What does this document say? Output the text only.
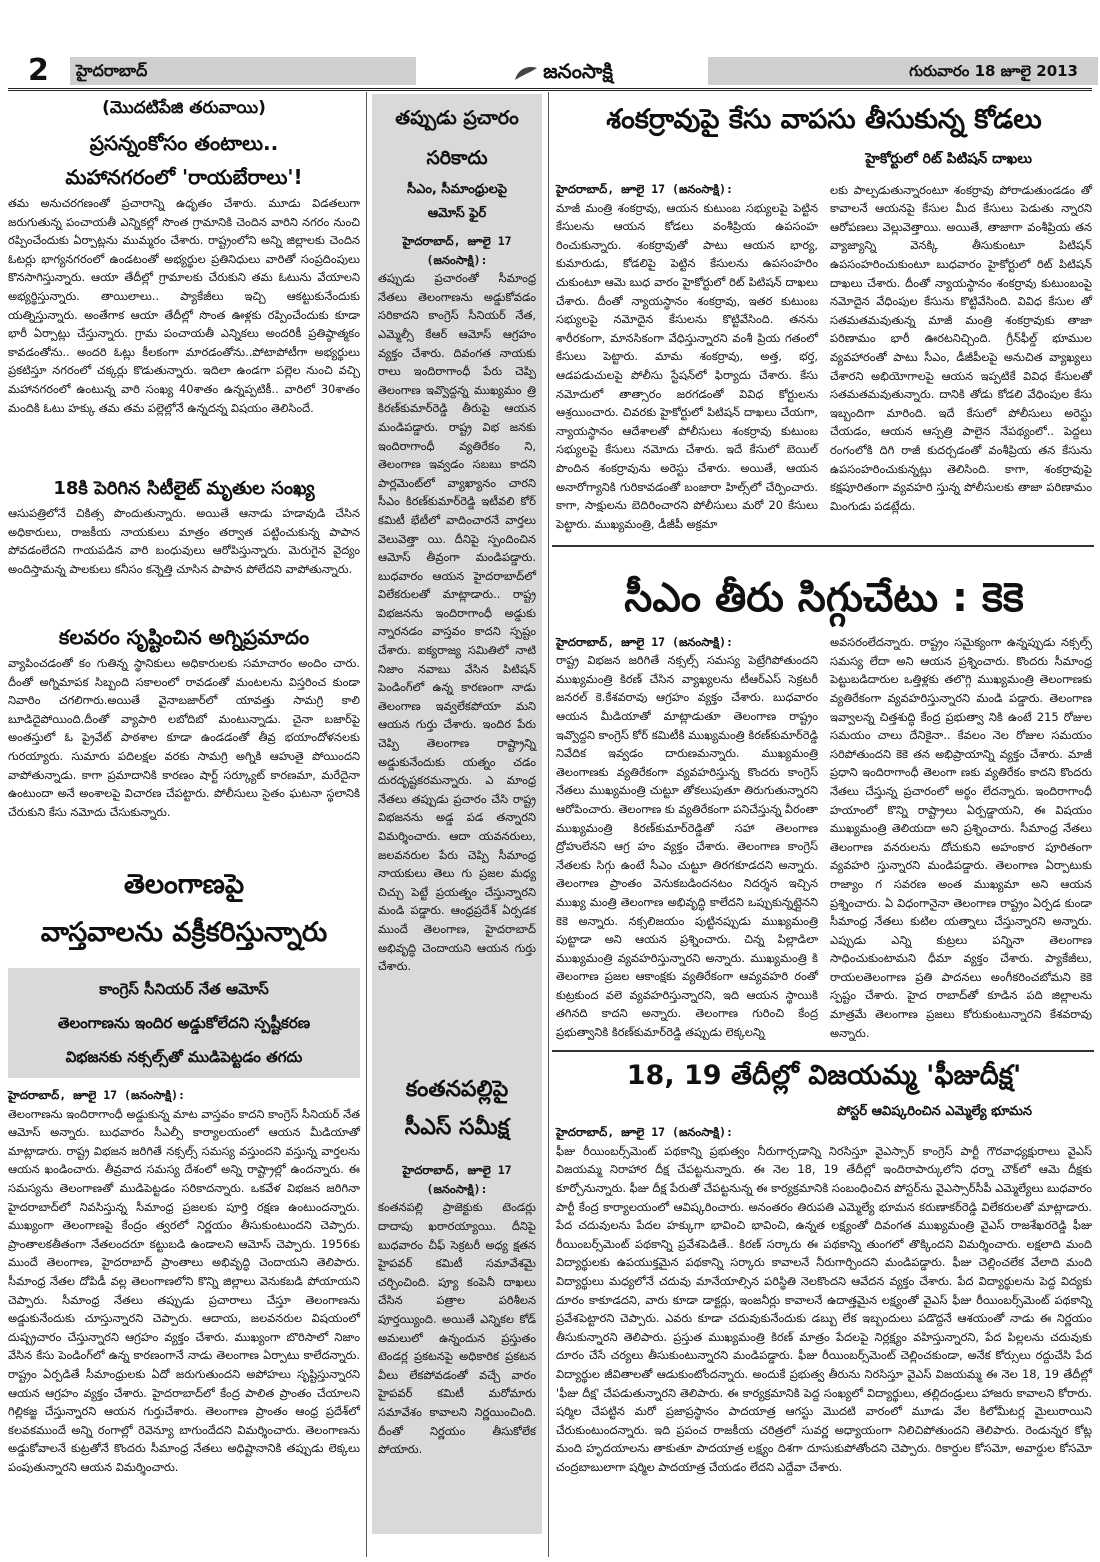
2	హైదరాబాద్	జనంసాక్షి	గురువారం 18 జూలై 2013
(మొదటిపేజి తరువాయి)
ప్రసన్నంకోసం తంటాలు..
మహానగరంలో 'రాయబేరాలు'!

తమ అనుచరగణంతో ప్రచారాన్ని ఉధృతం చేశారు. మూడు విడతలుగా జరుగుతున్న పంచాయతీ ఎన్నికల్లో సొంత గ్రామానికి చెందిన వారిని నగరం నుంచి రప్పించేందుకు ఏర్పాట్లను ముమ్మరం చేశారు. రాష్ట్రంలోని అన్ని జిల్లాలకు చెందిన ఓటర్లు భాగ్యనగరంలో ఉండటంతో అభ్యర్థుల ప్రతినిధులు వారితో సంప్రదింపులు కొనసాగిస్తున్నారు. ఆయా తేదీల్లో గ్రామాలకు చేరుకుని తమ ఓటును వేయాలని అభ్యర్థిస్తున్నారు. తాయిలాలు.. ప్యాకేజీలు ఇచ్చి ఆకట్టుకునేందుకు యత్నిస్తున్నారు. అంతేగాక ఆయా తేదీల్లో సొంత ఊళ్లకు రప్పించేందుకు కూడా భారీ ఏర్పాట్లు చేస్తున్నారు. గ్రామ పంచాయతీ ఎన్నికలు అందరికీ ప్రతిష్ఠాత్మకం కావడంతోను.. అందరి ఓట్లు కీలకంగా మారడంతోను..పోటాపోటీగా అభ్యర్థులు ప్రకటిస్తూ నగరంలో చక్కర్లు కొడుతున్నారు. ఇదిలా ఉండగా పల్లెల నుంచి వచ్చి మహానగరంలో ఉంటున్న వారి సంఖ్య 40శాతం ఉన్నప్పటికీ.. వారిలో 30శాతం మందికి ఓటు హక్కు తమ తమ పల్లెల్లోనే ఉన్నదన్న విషయం తెలిసిందే.

18కి పెరిగిన సిటీలైట్ మృతుల సంఖ్య

ఆసుపత్రిలోనే చికిత్స పొందుతున్నారు. అయితే ఆనాడు హడావుడి చేసిన అధికారులు, రాజకీయ నాయకులు మాత్రం తర్వాత పట్టించుకున్న పాపాన పోవడంలేదని గాయపడిన వారి బంధువులు ఆరోపిస్తున్నారు. మెరుగైన వైద్యం అందిస్తామన్న పాలకులు కనీసం కన్నెత్తి చూసిన పాపాన పోలేదని వాపోతున్నారు.

కలవరం సృష్టించిన అగ్నిప్రమాదం

వ్యాపించడంతో కం గుతిన్న స్థానికులు అధికారులకు సమాచారం అందిం చారు. దీంతో అగ్నిమాపక సిబ్బంది సకాలంలో రావడంతో మంటలను విస్తరించ కుండా నివారిం చగలిగారు.అయితే వైనాబజార్‌లో యావత్తు సామగ్రి కాలి బూడిదైపోయింది.దీంతో వ్యాపారి లబోదిబో మంటున్నాడు. చైనా బజార్‌పై అంతస్తులో ఓ ప్రైవేట్ పాఠశాల కూడా ఉండడంతో తీవ్ర భయాందోళనలకు గురయ్యారు. సుమారు పదిలక్షల వరకు సామగ్రి అగ్నికి ఆహుతై పోయిందని వాపోతున్నాడు. కాగా ప్రమాదానికి కారణం షార్ట్ సర్క్యూట్ కారణమా, మరేదైనా ఉంటుందా అనే అంశాలపై విచారణ చేపట్టారు. పోలీసులు సైతం ఘటనా స్థలానికి చేరుకుని కేసు నమోదు చేసుకున్నారు.

తెలంగాణపై
వాస్తవాలను వక్రీకరిస్తున్నారు
కాంగ్రెస్ సీనియర్ నేత ఆమోస్
తెలంగాణను ఇందిర అడ్డుకోలేదని స్పష్టీకరణ
విభజనకు నక్సల్స్‌తో ముడిపెట్టడం తగదు

హైదరాబాద్, జూలై 17 (జనంసాక్షి):

తెలంగాణను ఇందిరాగాంధీ అడ్డుకున్న మాట వాస్తవం కాదని కాంగ్రెస్ సీనియర్ నేత ఆమోస్ అన్నారు. బుధవారం సీఎల్పీ కార్యాలయంలో ఆయన మీడియాతో మాట్లాడారు. రాష్ట్ర విభజన జరిగితే నక్సల్స్ సమస్య వస్తుందని వస్తున్న వార్తలను ఆయన ఖండించారు. తీవ్రవాద సమస్య దేశంలో అన్ని రాష్ట్రాల్లో ఉందన్నారు. ఈ సమస్యను తెలంగాణతో ముడిపెట్టడం సరికాదన్నారు. ఒకవేళ విభజన జరిగినా హైదరాబాద్‌లో నివసిస్తున్న సీమాంధ్ర ప్రజలకు పూర్తి రక్షణ ఉంటుందన్నారు. ముఖ్యంగా తెలంగాణపై కేంద్రం త్వరలో నిర్ణయం తీసుకుంటుందని చెప్పారు. ప్రాంతాలకతీతంగా నేతలందరూ కట్టుబడి ఉండాలని ఆమోస్ చెప్పారు. 1956కు ముందే తెలంగాణ, హైదరాబాద్ ప్రాంతాలు అభివృద్ధి చెందాయని తెలిపారు. సీమాంధ్ర నేతల దోపిడీ వల్ల తెలంగాణలోని కొన్ని జిల్లాలు వెనుకబడి పోయాయని చెప్పారు. సీమాంధ్ర నేతలు తప్పుడు ప్రచారాలు చేస్తూ తెలంగాణను అడ్డుకునేందుకు చూస్తున్నారని చెప్పారు. ఆదాయ, జలవనరుల విషయంలో దుష్ప్రచారం చేస్తున్నారని ఆగ్రహం వ్యక్తం చేశారు. ముఖ్యంగా బొరిసాలో నిజాం వేసిన కేసు పెండింగ్‌లో ఉన్న కారణంగానే నాడు తెలంగాణ ఏర్పాటు కాలేదన్నారు. రాష్ట్రం ఏర్పడితే సీమాంధ్రులకు ఏదో జరుగుతుందని అపోహలు సృష్టిస్తున్నారని ఆయన ఆగ్రహం వ్యక్తం చేశారు. హైదరాబాద్‌లో కేంద్ర పాలిత ప్రాంతం చేయాలని గిల్లికజ్జ చేస్తున్నారని ఆయన గుర్తుచేశారు. తెలంగాణ ప్రాంతం ఆంధ్ర ప్రదేశ్‌లో కలవకముందే అన్ని రంగాల్లో రెవెన్యూ బాగుందేదని విమర్శించారు. తెలంగాణను అడ్డుకోవాలనే కుట్రతోనే కొందరు సీమాంధ్ర నేతలు అధిష్టానానికి తప్పుడు లెక్కలు పంపుతున్నారని ఆయన విమర్శించారు.

తప్పుడు ప్రచారం
సరికాదు
సీఎం, సీమాంధ్రులపై
ఆమోస్ ఫైర్

హైదరాబాద్, జూలై 17

(జనంసాక్షి):

తప్పుడు ప్రచారంతో సీమాంధ్ర నేతలు తెలంగాణను అడ్డుకోవడం సరికాదని కాంగ్రెస్ సీనియర్ నేత, ఎమ్మెల్సీ కేఆర్ ఆమోస్ ఆగ్రహం వ్యక్తం చేశారు. దివంగత నాయకు రాలు ఇందిరాగాంధీ పేరు చెప్పి తెలంగాణ ఇవ్వొద్దన్న ముఖ్యమం త్రి కిరణ్‌కుమార్‌రెడ్డి తీరుపై ఆయన మండిపడ్డారు. రాష్ట్ర విభ జనకు ఇందిరాగాంధీ వ్యతిరేకం ని, తెలంగాణ ఇవ్వడం సబబు కాదని పార్లమెంట్‌లో వ్యాఖ్యానం చారని సీఎం కిరణ్‌కుమార్‌రెడ్డి ఇటీవలి కోర్ కమిటీ భేటీలో వాదించారనే వార్తలు వెలువెత్తా యి. దీనిపై స్పందించిన ఆమోస్ తీవ్రంగా మండిపడ్డారు. బుధవారం ఆయన హైదరాబాద్‌లో విలేకరులతో మాట్లాడారు.. రాష్ట్ర విభజనను ఇందిరాగాంధీ అడ్డుకు న్నారనడం వాస్తవం కాదని స్పష్టం చేశారు. ఐక్యరాజ్య సమితిలో నాటి నిజాం నవాబు వేసిన పిటిషన్ పెండింగ్‌లో ఉన్న కారణంగా నాడు తెలంగాణ ఇవ్వలేకపోయా మని ఆయన గుర్తు చేశారు. ఇందిర పేరు చెప్పి తెలంగాణ రాష్ట్రాన్ని అడ్డుకునేందుకు యత్నం చడం దురదృష్టకరమన్నారు. ఎ మాంధ్ర నేతలు తప్పుడు ప్రచారం చేసి రాష్ట్ర విభజనను అడ్డ పడ తన్నారని విమర్శించారు. ఆదా యవనరులు, జలవనరుల పేరు చెప్పి సీమాంధ్ర నాయకులు తెలు గు ప్రజల మధ్య చిచ్చు పెట్టే ప్రయత్నం చేస్తున్నారని మండి పడ్డారు. ఆంధ్రప్రదేశ్ ఏర్పడక ముందే తెలంగాణ, హైదరాబాద్ అభివృద్ధి చెందాయని ఆయన గుర్తు చేశారు.

కంతనపల్లిపై
సీఎస్ సమీక్ష

హైదరాబాద్, జూలై 17

(జనంసాక్షి):

కంతనపల్లి ప్రాజెక్టుకు టెండర్లు దాదాపు ఖరారయ్యాయి. దీనిపై బుధవారం చీఫ్ సెక్రటరీ అధ్య క్షతన హైపవర్ కమిటీ సమావేశమై చర్చించింది. ప్యూ కంపెనీ దాఖలు చేసిన పత్రాల పరిశీలన పూర్తయ్యింది. అయితే ఎన్నికల కోడ్ అమలులో ఉన్నందున ప్రస్తుతం టెండర్ల ప్రకటనపై అధికారిక ప్రకటన వీలు లేకపోవడంతో వచ్చే వారం హైపవర్ కమిటీ మరోమారు సమావేశం కావాలని నిర్ణయించింది. దీంతో నిర్ణయం తీసుకోలేక పోయారు.

శంకర్రావుపై కేసు వాపసు తీసుకున్న కోడలు
హైకోర్టులో రిట్ పిటిషన్ దాఖలు

హైదరాబాద్, జూలై 17 (జనంసాక్షి):

మాజీ మంత్రి శంకర్రావు, ఆయన కుటుంబ సభ్యులపై పెట్టిన కేసులను ఆయన కోడలు వంశీప్రియ ఉపసంహ రించుకున్నారు. శంకర్రావుతో పాటు ఆయన భార్య, కుమారుడు, కోడలిపై పెట్టిన కేసులను ఉపసంహరిం చుకుంటూ ఆమె బుధ వారం హైకోర్టులో రిట్ పిటిషన్ దాఖలు చేశారు. దీంతో న్యాయస్థానం శంకర్రావు, ఇతర కుటుంబ సభ్యులపై నమోదైన కేసులను కొట్టివేసింది. తనను శారీరకంగా, మానసికంగా వేధిస్తున్నారని వంశీ ప్రియ గతంలో కేసులు పెట్టారు. మామ శంకర్రావు, అత్త, భర్త, ఆడపడుచులపై పోలీసు స్టేషన్‌లో ఫిర్యాదు చేశారు. కేసు నమోదులో తాత్సారం జరగడంతో వివిధ కోర్టులను ఆశ్రయించారు. చివరకు హైకోర్టులో పిటిషన్ దాఖలు చేయగా, న్యాయస్థానం ఆదేశాలతో పోలీసులు శంకర్రావు కుటుంబ సభ్యులపై కేసులు నమోదు చేశారు. ఇదే కేసులో బెయిల్‌ పొందిన శంకర్రావును అరెస్టు చేశారు. అయితే, ఆయన అనారోగ్యానికి గురికావడంతో బంజారా హిల్స్‌లో చేర్పించారు. కాగా, సాక్షులను బెదిరించారని పోలీసులు మరో 20 కేసులు పెట్టారు. ముఖ్యమంత్రి, డీజీపీ అక్రమా

లకు పాల్పడుతున్నారంటూ శంకర్రావు పోరాడుతుండడం తో కావాలనే ఆయనపై కేసుల మీద కేసులు పెడుతు న్నారని ఆరోపణలు వెల్లువెత్తాయి. అయితే, తాజాగా వంశీప్రియ తన వ్యాజ్యాన్ని వెనక్కి తీసుకుంటూ పిటిషన్ ఉపసంహరించుకుంటూ బుధవారం హైకోర్టులో రిట్ పిటిషన్ దాఖలు చేశారు. దీంతో న్యాయస్థానం శంకర్రావు కుటుంబంపై నమోదైన వేధింపుల కేసును కొట్టివేసింది. వివిధ కేసుల తో సతమతమవుతున్న మాజీ మంత్రి శంకర్రావుకు తాజా పరిణామం భారీ ఊరటనిచ్చింది. గ్రీన్‌ఫీల్డ్ భూముల వ్యవహారంతో పాటు సీఎం, డీజీపీలపై అనుచిత వ్యాఖ్యలు చేశారని అభియోగాలపై ఆయన ఇప్పటికే వివిధ కేసులతో సతమతమవుతున్నారు. దానికి తోడు కోడలి వేధింపుల కేసు ఇబ్బందిగా మారింది. ఇదే కేసులో పోలీసులు అరెస్టు చేయడం, ఆయన ఆస్పత్రి పాలైన నేపథ్యంలో.. పెద్దలు రంగంలోకి దిగి రాజీ కుదర్చడంతో వంశీప్రియ తన కేసును ఉపసంహరించుకున్నట్లు తెలిసింది. కాగా, శంకర్రావుపై కక్షపూరితంగా వ్యవహరి స్తున్న పోలీసులకు తాజా పరిణామం మింగుడు పడట్లేదు.

సీఎం తీరు సిగ్గుచేటు : కెకె

హైదరాబాద్, జూలై 17 (జనంసాక్షి):

రాష్ట్ర విభజన జరిగితే నక్సల్స్ సమస్య పెట్రేగిపోతుందని ముఖ్యమంత్రి కిరణ్ చేసిన వ్యాఖ్యలను టీఆర్ఎస్ సెక్రటరీ జనరల్ కె.కేశవరావు ఆగ్రహం వ్యక్తం చేశారు. బుధవారం ఆయన మీడియాతో మాట్లాడుతూ తెలంగాణ రాష్ట్రం ఇవ్వొద్దని కాంగ్రెస్ కోర్ కమిటీకి ముఖ్యమంత్రి కిరణ్‌కుమార్‌రెడ్డి నివేదిక ఇవ్వడం దారుణమన్నారు. ముఖ్యమంత్రి తెలంగాణకు వ్యతిరేకంగా వ్యవహరిస్తున్న కొందరు కాంగ్రెస్ నేతలు ముఖ్యమంత్రి చుట్టూ తోకలుపుతూ తిరుగుతున్నారని ఆరోపించారు. తెలంగాణ కు వ్యతిరేకంగా పనిచేస్తున్న వీరంతా ముఖ్యమంత్రి కిరణ్‌కుమార్‌రెడ్డితో సహా తెలంగాణ ద్రోహులేనని ఆగ్ర హం వ్యక్తం చేశారు. తెలంగాణ కాంగ్రెస్ నేతలకు సిగ్గు ఉంటే సీఎం చుట్టూ తిరగకూడదని అన్నారు. తెలంగాణ ప్రాంతం వెనుకబడిందనటం నిదర్శన ఇచ్చిన ముఖ్య మంత్రి తెలంగాణ అభివృద్ధి కాలేదని ఒప్పుకున్నట్లైనని కెకె అన్నారు. నక్సలిజయం పుట్టినప్పుడు ముఖ్యమంత్రి పుట్టాడా అని ఆయన ప్రశ్నించారు. చిన్న పిల్లాడిలా ముఖ్యమంత్రి వ్యవహరిస్తున్నారని అన్నారు. ముఖ్యమంత్రి కి తెలంగాణ ప్రజల ఆకాంక్షకు వ్యతిరేకంగా ఆవ్యవహరి రంతో కుట్రకుంద వలె వ్యవహరిస్తున్నారని, ఇది ఆయన స్థాయికి తగినది కాదని అన్నారు. తెలంగాణ గురించి కేంద్ర ప్రభుత్వానికి కిరణ్‌కుమార్‌రెడ్డి తప్పుడు లెక్కలన్ని

అవసరంలేదన్నారు. రాష్ట్రం సమైక్యంగా ఉన్నప్పుడు నక్సల్స్ సమస్య లేదా అని ఆయన ప్రశ్నించారు. కొందరు సీమాంధ్ర పెట్టుబడిదారుల ఒత్తిళ్లకు తలొగ్గి ముఖ్యమంత్రి తెలంగాణకు వ్యతిరేకంగా వ్యవహరిస్తున్నారని మండి పడ్డారు. తెలంగాణ ఇవ్వాలన్న చిత్తశుద్ధి కేంద్ర ప్రభుత్వా నికి ఉంటే 215 రోజుల సమయం చాలు దేనికైనా.. కేవలం నెల రోజుల సమయం సరిపోతుందని కెకె తన అభిప్రాయాన్ని వ్యక్తం చేశారు. మాజీ ప్రధాని ఇందిరాగాంధీ తెలంగా ణకు వ్యతిరేకం కాదని కొందరు నేతలు చేస్తున్న ప్రచారంలో అర్థం లేదన్నారు. ఇందిరాగాంధీ హయాంలో కొన్ని రాష్ట్రాలు ఏర్పడ్డాయని, ఈ విషయం ముఖ్యమంత్రి తెలియదా అని ప్రశ్నించారు. సీమాంధ్ర నేతలు తెలంగాణ వనరులను దోచుకుని అహంకార పూరితంగా వ్యవహరి స్తున్నారని మండిపడ్డారు. తెలంగాణ ఏర్పాటుకు రాజ్యాం గ సవరణ అంత ముఖ్యమా అని ఆయన ప్రశ్నించారు. ఏ విధంగానైనా తెలంగాణ రాష్ట్రం ఏర్పడ కుండా సీమాంధ్ర నేతలు కుటిల యత్నాలు చేస్తున్నారని అన్నారు. ఎప్పుడు ఎన్ని కుట్రలు పన్నినా తెలంగాణ సాధించుకుంటామని ధీమా వ్యక్తం చేశారు. ప్యాకేజీలు, రాయలతెలంగాణ ప్రతి పాదనలు అంగీకరించబోమని కెకె స్పష్టం చేశారు. హైద రాబాద్‌తో కూడిన పది జిల్లాలను మాత్రమే తెలంగాణ ప్రజలు కోరుకుంటున్నారని కేశవరావు అన్నారు.

18, 19 తేదీల్లో విజయమ్మ 'ఫీజుదీక్ష'
పోస్టర్ ఆవిష్కరించిన ఎమ్మెల్యే భూమన

హైదరాబాద్, జూలై 17 (జనంసాక్షి):

ఫీజు రీయింబర్స్‌మెంట్ పథకాన్ని ప్రభుత్వం నీరుగార్చడాన్ని నిరసిస్తూ వైఎస్సార్ కాంగ్రెస్ పార్టీ గౌరవాధ్యక్షురాలు వైఎస్ విజయమ్మ నిరాహార దీక్ష చేపట్టనున్నారు. ఈ నెల 18, 19 తేదీల్లో ఇందిరాపార్కులోని ధర్నా చౌక్‌లో ఆమె దీక్షకు కూర్చోనున్నారు. ఫీజు దీక్ష పేరుతో చేపట్టనున్న ఈ కార్యక్రమానికి సంబంధించిన పోస్టర్‌ను వైఎస్సార్‌సీపీ ఎమ్మెల్యేలు బుధవారం పార్టీ కేంద్ర కార్యాలయంలో ఆవిష్కరించారు. అనంతరం తిరుపతి ఎమ్మెల్యే భూమన కరుణాకర్‌రెడ్డి విలేకరులతో మాట్లాడారు. పేద చదువులను పేదల హక్కుగా భావించి భావించి, ఉన్నత లక్ష్యంతో దివంగత ముఖ్యమంత్రి వైఎస్ రాజశేఖరరెడ్డి ఫీజు రీయింబర్స్‌మెంట్ పథకాన్ని ప్రవేశపెడితే.. కిరణ్ సర్కారు ఈ పథకాన్ని తుంగలో తొక్కిందని విమర్శించారు. లక్షలాది మంది విద్యార్థులకు ఉపయుక్తమైన పథకాన్ని సర్కారు కావాలనే నీరుగార్చిందని మండిపడ్డారు. ఫీజు చెల్లించలేక వేలాది మంది విద్యార్థులు మధ్యలోనే చదువు మానేయాల్సిన పరిస్థితి నెలకొందని ఆవేదన వ్యక్తం చేశారు. పేద విద్యార్థులను పెద్ద విద్యకు దూరం కాకూడదని, వారు కూడా డాక్టర్లు, ఇంజనీర్లు కావాలనే ఉదాత్తమైన లక్ష్యంతో వైఎస్ ఫీజు రీయింబర్స్‌మెంట్ పథకాన్ని ప్రవేశపెట్టారని చెప్పారు. ఎవరు కూడా చదువుకునేందుకు డబ్బు లేక ఇబ్బందులు పడొద్దనే ఆశయంతో నాడు ఈ నిర్ణయం తీసుకున్నారని తెలిపారు. ప్రస్తుత ముఖ్యమంత్రి కిరణ్ మాత్రం పేదలపై నిర్లక్ష్యం వహిస్తున్నారని, పేద పిల్లలను చదువుకు దూరం చేసే చర్యలు తీసుకుంటున్నారని మండిపడ్డారు. ఫీజు రీయింబర్స్‌మెంట్ చెల్లించకుండా, అనేక కోర్సులు రద్దుచేసి పేద విద్యార్థుల జీవితాలతో ఆడుకుంటోందన్నారు. అందుకే ప్రభుత్వ తీరును నిరసిస్తూ వైఎస్ విజయమ్మ ఈ నెల 18, 19 తేదీల్లో 'ఫీజు దీక్ష' చేపడుతున్నారని తెలిపారు. ఈ కార్యక్రమానికి పెద్ద సంఖ్యలో విద్యార్థులు, తల్లిదండ్రులు హాజరు కావాలని కోరారు. షర్మిల చేపట్టిన మరో ప్రజాప్రస్థానం పాదయాత్ర ఆగస్టు మొదటి వారంలో మూడు వేల కిలోమీటర్ల మైలురాయిని చేరుకుంటుందన్నారు. ఇది ప్రపంచ రాజకీయ చరిత్రలో సువర్ణ అధ్యాయంగా నిలిచిపోతుందని తెలిపారు. రెండున్నర కోట్ల మంది హృదయాలను తాకుతూ పాదయాత్ర లక్ష్యం దిశగా దూసుకుపోతోందని చెప్పారు. రికార్డుల కోసమో, అవార్డుల కోసమో చంద్రబాబులాగా షర్మిల పాదయాత్ర చేయడం లేదని ఎద్దేవా చేశారు.
